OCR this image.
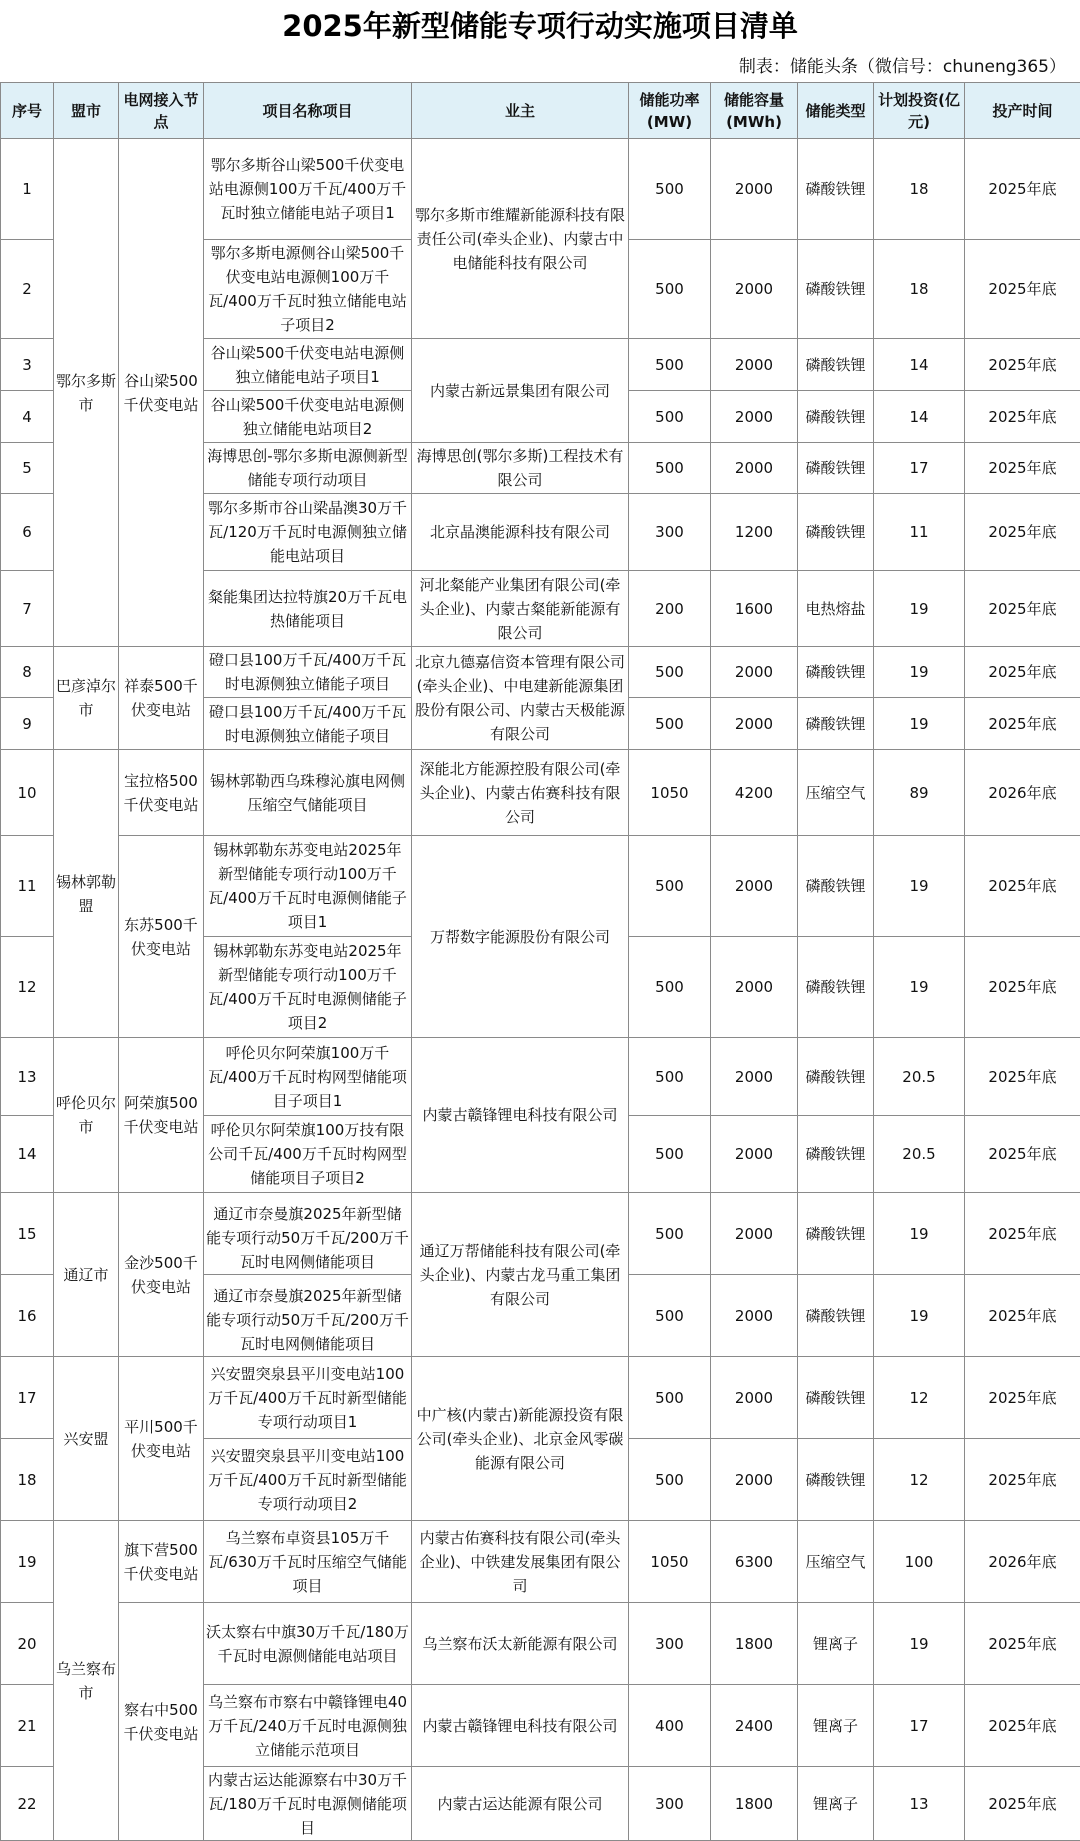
2025年新型储能专项行动实施项目清单
制表：储能头条（微信号：chuneng365）
序号	盟市	电网接入节点	项目名称项目	业主	储能功率(MW)	储能容量(MWh)	储能类型	计划投资(亿元)	投产时间
1	鄂尔多斯市	谷山梁500千伏变电站	鄂尔多斯谷山梁500千伏变电站电源侧100万千瓦/400万千瓦时独立储能电站子项目1	鄂尔多斯市维耀新能源科技有限责任公司(牵头企业)、内蒙古中电储能科技有限公司	500	2000	磷酸铁锂	18	2025年底
2			鄂尔多斯电源侧谷山梁500千伏变电站电源侧100万千瓦/400万千瓦时独立储能电站子项目2		500	2000	磷酸铁锂	18	2025年底
3			谷山梁500千伏变电站电源侧独立储能电站子项目1	内蒙古新远景集团有限公司	500	2000	磷酸铁锂	14	2025年底
4			谷山梁500千伏变电站电源侧独立储能电站项目2		500	2000	磷酸铁锂	14	2025年底
5			海博思创-鄂尔多斯电源侧新型储能专项行动项目	海博思创(鄂尔多斯)工程技术有限公司	500	2000	磷酸铁锂	17	2025年底
6			鄂尔多斯市谷山梁晶澳30万千瓦/120万千瓦时电源侧独立储能电站项目	北京晶澳能源科技有限公司	300	1200	磷酸铁锂	11	2025年底
7			粲能集团达拉特旗20万千瓦电热储能项目	河北粲能产业集团有限公司(牵头企业)、内蒙古粲能新能源有限公司	200	1600	电热熔盐	19	2025年底
8	巴彦淖尔市	祥泰500千伏变电站	磴口县100万千瓦/400万千瓦时电源侧独立储能子项目	北京九德嘉信资本管理有限公司(牵头企业)、中电建新能源集团股份有限公司、内蒙古天极能源有限公司	500	2000	磷酸铁锂	19	2025年底
9			磴口县100万千瓦/400万千瓦时电源侧独立储能子项目		500	2000	磷酸铁锂	19	2025年底
10	锡林郭勒盟	宝拉格500千伏变电站	锡林郭勒西乌珠穆沁旗电网侧压缩空气储能项目	深能北方能源控股有限公司(牵头企业)、内蒙古佑赛科技有限公司	1050	4200	压缩空气	89	2026年底
11		东苏500千伏变电站	锡林郭勒东苏变电站2025年新型储能专项行动100万千瓦/400万千瓦时电源侧储能子项目1	万帮数字能源股份有限公司	500	2000	磷酸铁锂	19	2025年底
12			锡林郭勒东苏变电站2025年新型储能专项行动100万千瓦/400万千瓦时电源侧储能子项目2		500	2000	磷酸铁锂	19	2025年底
13	呼伦贝尔市	阿荣旗500千伏变电站	呼伦贝尔阿荣旗100万千瓦/400万千瓦时构网型储能项目子项目1	内蒙古赣锋锂电科技有限公司	500	2000	磷酸铁锂	20.5	2025年底
14			呼伦贝尔阿荣旗100万技有限公司千瓦/400万千瓦时构网型储能项目子项目2		500	2000	磷酸铁锂	20.5	2025年底
15	通辽市	金沙500千伏变电站	通辽市奈曼旗2025年新型储能专项行动50万千瓦/200万千瓦时电网侧储能项目	通辽万帮储能科技有限公司(牵头企业)、内蒙古龙马重工集团有限公司	500	2000	磷酸铁锂	19	2025年底
16			通辽市奈曼旗2025年新型储能专项行动50万千瓦/200万千瓦时电网侧储能项目		500	2000	磷酸铁锂	19	2025年底
17	兴安盟	平川500千伏变电站	兴安盟突泉县平川变电站100万千瓦/400万千瓦时新型储能专项行动项目1	中广核(内蒙古)新能源投资有限公司(牵头企业)、北京金风零碳能源有限公司	500	2000	磷酸铁锂	12	2025年底
18			兴安盟突泉县平川变电站100万千瓦/400万千瓦时新型储能专项行动项目2		500	2000	磷酸铁锂	12	2025年底
19	乌兰察布市	旗下营500千伏变电站	乌兰察布卓资县105万千瓦/630万千瓦时压缩空气储能项目	内蒙古佑赛科技有限公司(牵头企业)、中铁建发展集团有限公司	1050	6300	压缩空气	100	2026年底
20		察右中500千伏变电站	沃太察右中旗30万千瓦/180万千瓦时电源侧储能电站项目	乌兰察布沃太新能源有限公司	300	1800	锂离子	19	2025年底
21			乌兰察布市察右中赣锋锂电40万千瓦/240万千瓦时电源侧独立储能示范项目	内蒙古赣锋锂电科技有限公司	400	2400	锂离子	17	2025年底
22			内蒙古运达能源察右中30万千瓦/180万千瓦时电源侧储能项目	内蒙古运达能源有限公司	300	1800	锂离子	13	2025年底
